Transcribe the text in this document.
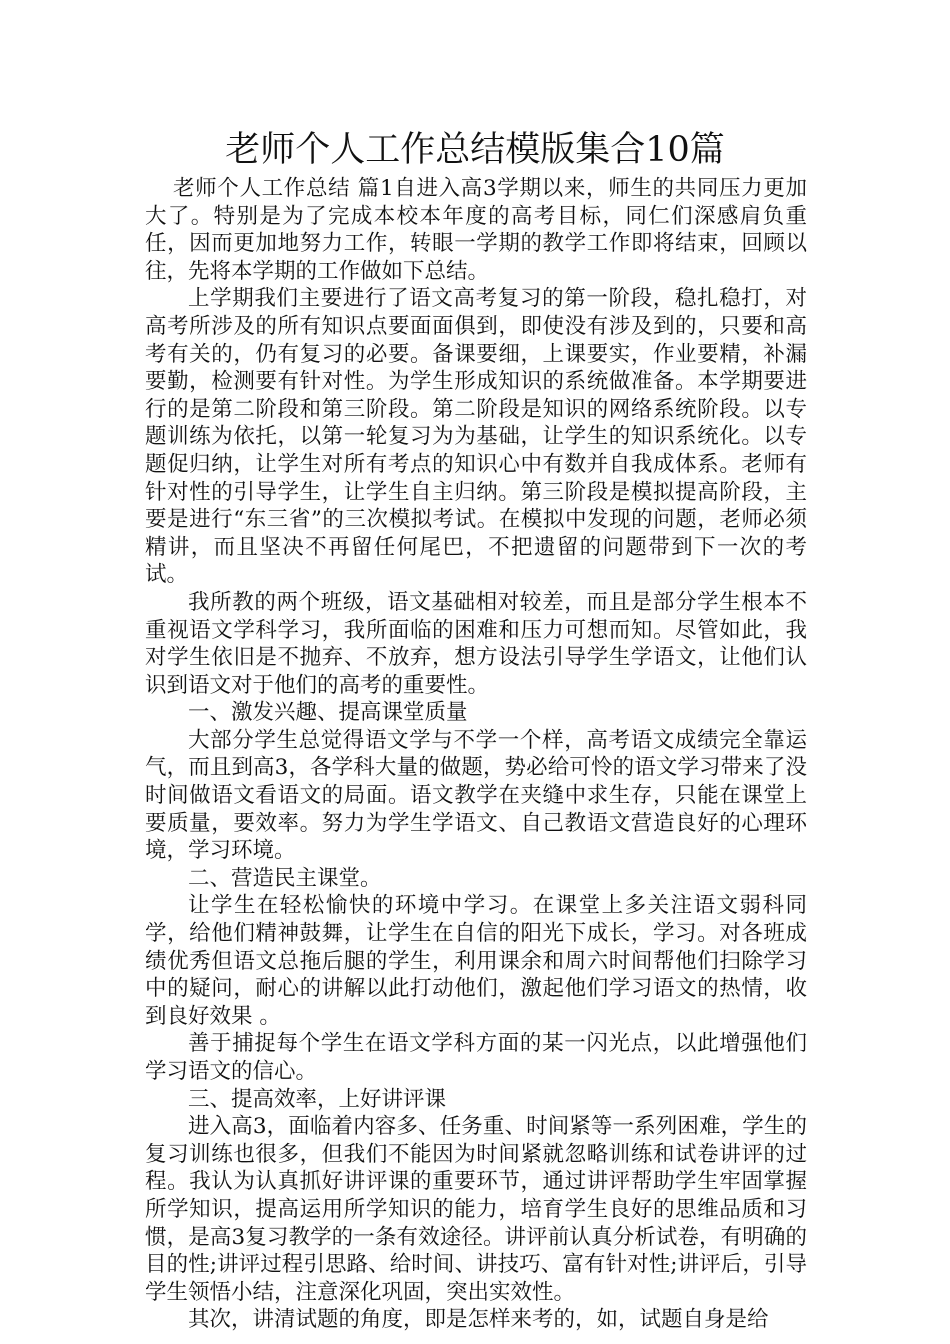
老师个人工作总结模版集合10篇

老师个人工作总结 篇1自进入高3学期以来，师生的共同压力更加大了。特别是为了完成本校本年度的高考目标，同仁们深感肩负重任，因而更加地努力工作，转眼一学期的教学工作即将结束，回顾以往，先将本学期的工作做如下总结。

上学期我们主要进行了语文高考复习的第一阶段，稳扎稳打，对高考所涉及的所有知识点要面面俱到，即使没有涉及到的，只要和高考有关的，仍有复习的必要。备课要细，上课要实，作业要精，补漏要勤，检测要有针对性。为学生形成知识的系统做准备。本学期要进行的是第二阶段和第三阶段。第二阶段是知识的网络系统阶段。以专题训练为依托，以第一轮复习为为基础，让学生的知识系统化。以专题促归纳，让学生对所有考点的知识心中有数并自我成体系。老师有针对性的引导学生，让学生自主归纳。第三阶段是模拟提高阶段，主要是进行“东三省”的三次模拟考试。在模拟中发现的问题，老师必须精讲，而且坚决不再留任何尾巴，不把遗留的问题带到下一次的考试。

我所教的两个班级，语文基础相对较差，而且是部分学生根本不重视语文学科学习，我所面临的困难和压力可想而知。尽管如此，我对学生依旧是不抛弃、不放弃，想方设法引导学生学语文，让他们认识到语文对于他们的高考的重要性。

一、激发兴趣、提高课堂质量

大部分学生总觉得语文学与不学一个样，高考语文成绩完全靠运气，而且到高3，各学科大量的做题，势必给可怜的语文学习带来了没时间做语文看语文的局面。语文教学在夹缝中求生存，只能在课堂上要质量，要效率。努力为学生学语文、自己教语文营造良好的心理环境，学习环境。

二、营造民主课堂。

让学生在轻松愉快的环境中学习。在课堂上多关注语文弱科同学，给他们精神鼓舞，让学生在自信的阳光下成长，学习。对各班成绩优秀但语文总拖后腿的学生，利用课余和周六时间帮他们扫除学习中的疑问，耐心的讲解以此打动他们，激起他们学习语文的热情，收到良好效果 。

善于捕捉每个学生在语文学科方面的某一闪光点，以此增强他们学习语文的信心。

三、提高效率，上好讲评课

进入高3，面临着内容多、任务重、时间紧等一系列困难，学生的复习训练也很多，但我们不能因为时间紧就忽略训练和试卷讲评的过程。我认为认真抓好讲评课的重要环节，通过讲评帮助学生牢固掌握所学知识，提高运用所学知识的能力，培育学生良好的思维品质和习惯，是高3复习教学的一条有效途径。讲评前认真分析试卷，有明确的目的性;讲评过程引思路、给时间、讲技巧、富有针对性;讲评后，引导学生领悟小结，注意深化巩固，突出实效性。

其次，讲清试题的角度，即是怎样来考的，如，试题自身是给
